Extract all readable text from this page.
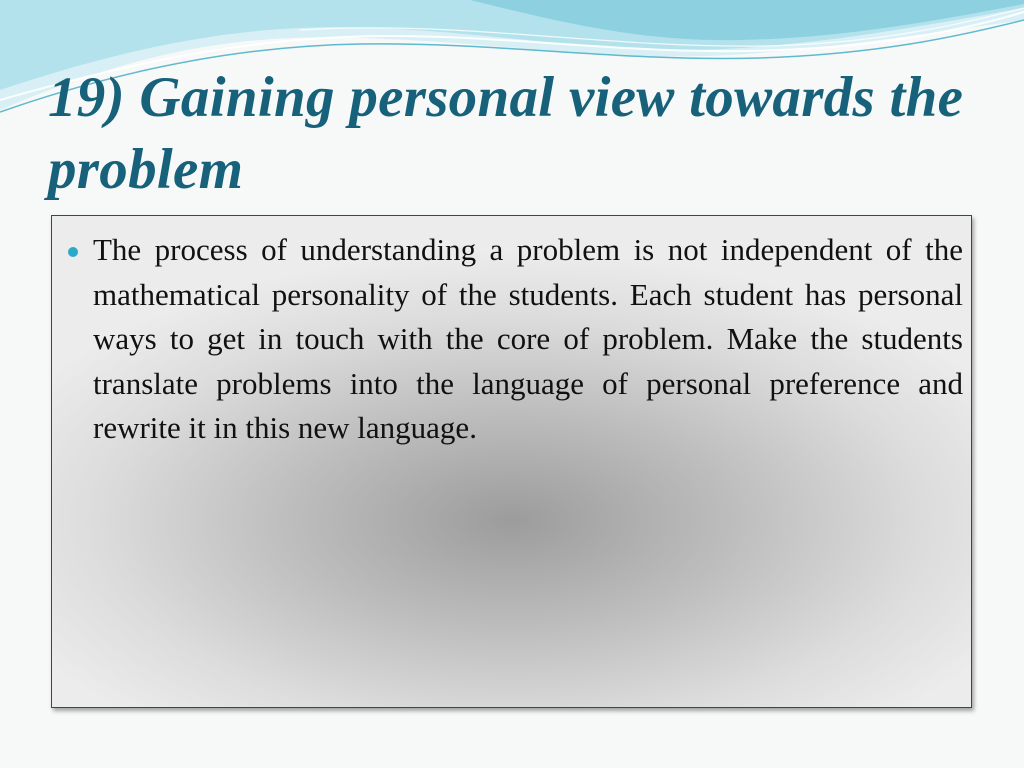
19) Gaining personal view towards the problem

The process of understanding a problem is not independent of the mathematical personality of the students. Each student has personal ways to get in touch with the core of problem. Make the students translate problems into the language of personal preference and rewrite it in this new language.
